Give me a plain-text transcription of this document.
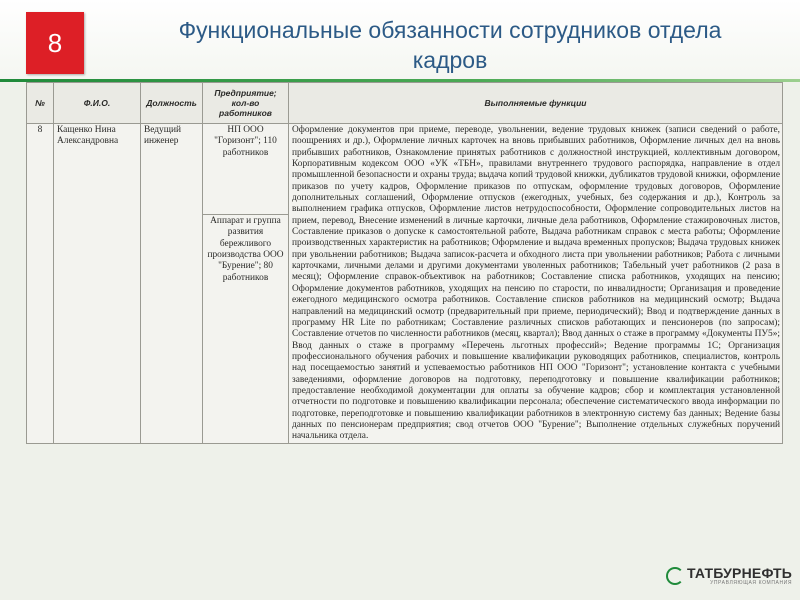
8	Функциональные обязанности сотрудников отдела кадров
№	Ф.И.О.	Должность	Предприятие; кол-во работников	Выполняемые функции
8	Кащенко Нина Александровна	Ведущий инженер	НП ООО "Горизонт"; 110 работников	Оформление документов при приеме, переводе, увольнении, ведение трудовых книжек (записи сведений о работе, поощрениях и др.), Оформление личных карточек на вновь прибывших работников, Оформление личных дел на вновь прибывших работников, Ознакомление принятых работников с должностной инструкцией, коллективным договором, Корпоративным кодексом ООО «УК «ТБН», правилами внутреннего трудового распорядка, направление в отдел промышленной безопасности и охраны труда; выдача копий трудовой книжки, дубликатов трудовой книжки, оформление приказов по учету кадров, Оформление приказов по отпускам, оформление трудовых договоров, Оформление дополнительных соглашений, Оформление отпусков (ежегодных, учебных, без содержания и др.), Контроль за выполнением графика отпусков, Оформление листов нетрудоспособности, Оформление сопроводительных листов на прием, перевод, Внесение изменений в личные карточки, личные дела работников, Оформление стажировочных листов, Составление приказов о допуске к самостоятельной работе, Выдача работникам справок с места работы; Оформление производственных характеристик на работников; Оформление и выдача временных пропусков; Выдача трудовых книжек при увольнении работников; Выдача записок-расчета и обходного листа при увольнении работников; Работа с личными карточками, личными делами и другими документами уволенных работников; Табельный учет работников (2 раза в месяц); Оформление справок-объективок на работников; Составление списка работников, уходящих на пенсию; Оформление документов работников, уходящих на пенсию по старости, по инвалидности; Организация и проведение ежегодного медицинского осмотра работников. Составление списков работников на медицинский осмотр; Выдача направлений на медицинский осмотр (предварительный при приеме, периодический); Ввод и подтверждение данных в программу HR Lite по работникам; Составление различных списков работающих и пенсионеров (по запросам); Составление отчетов по численности работников (месяц, квартал); Ввод данных о стаже в программу «Документы ПУ5»; Ввод данных о стаже в программу «Перечень льготных профессий»; Ведение программы 1С; Организация профессионального обучения рабочих и повышение квалификации руководящих работников, специалистов, контроль над посещаемостью занятий и успеваемостью работников НП ООО "Горизонт"; установление контакта с учебными заведениями, оформление договоров на подготовку, переподготовку и повышение квалификации работников; предоставление необходимой документации для оплаты за обучение кадров; сбор и комплектация установленной отчетности по подготовке и повышению квалификации персонала; обеспечение систематического ввода информации по подготовке, переподготовке и повышению квалификации работников в электронную систему баз данных; Ведение базы данных по пенсионерам предприятия; свод отчетов ООО "Бурение"; Выполнение отдельных служебных поручений начальника отдела.
			Аппарат и группа развития бережливого производства ООО "Бурение"; 80 работников	
ТАТБУРНЕФТЬ
УПРАВЛЯЮЩАЯ КОМПАНИЯ
